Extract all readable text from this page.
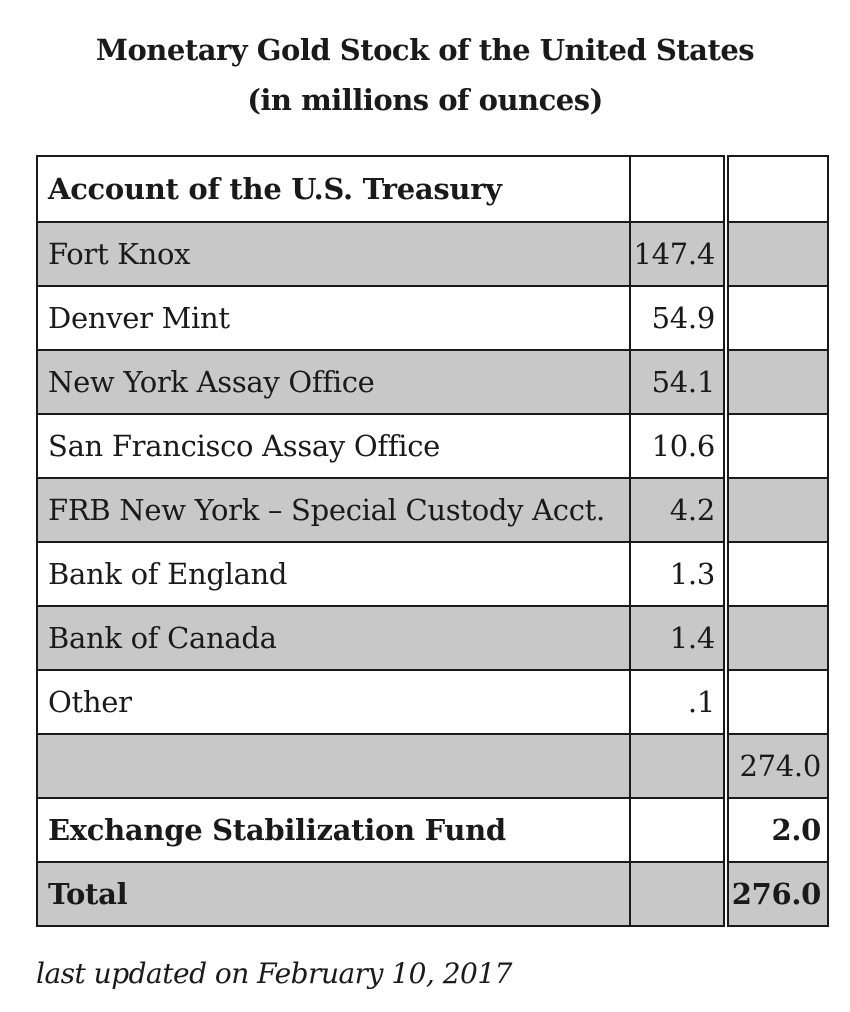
Monetary Gold Stock of the United States
(in millions of ounces)
Account of the U.S. Treasury			
Fort Knox	147.4		
Denver Mint	54.9		
New York Assay Office	54.1		
San Francisco Assay Office	10.6		
FRB New York – Special Custody Acct.	4.2		
Bank of England	1.3		
Bank of Canada	1.4		
Other	.1		
			274.0
Exchange Stabilization Fund			2.0
Total			276.0
last updated on February 10, 2017
